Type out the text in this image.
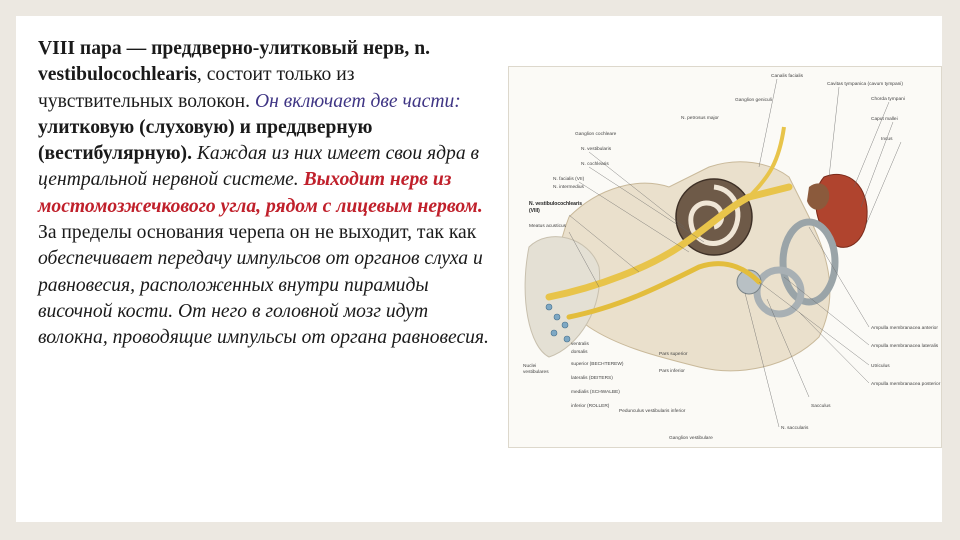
VIII пара — преддверно-улитковый нерв, n. vestibulocochlearis, состоит только из чувствительных волокон. Он включает две части: улитковую (слуховую) и преддверную (вестибулярную). Каждая из них имеет свои ядра в центральной нервной системе. Выходит нерв из мостомозжечкового угла, рядом с лицевым нервом. За пределы основания черепа он не выходит, так как обеспечивает передачу импульсов от органов слуха и равновесия, расположенных внутри пирамиды височной кости. От него в головной мозг идут волокна, проводящие импульсы от органа равновесия.
Canalis facialis
Cavitas tympanica (cavum tympani)
Chorda tympani
Caput mallei
Incus
Ganglion geniculi
N. petrosus major
Ganglion cochleare
N. vestibularis
N. cochlearis
N. facialis (VII)
N. intermedius
N. vestibulocochlearis
(VIII)
Meatus acusticus
Nuclei
vestibulares
ventralis
dorsalis
superior (BECHTEREW)
lateralis (DEITERS)
medialis (SCHWALBE)
inferior (ROLLER)
Pars superior
Pars inferior
Pedunculus vestibularis inferior
Ganglion vestibulare
Ampulla membranacea anterior
Ampulla membranacea lateralis
Utriculus
Ampulla membranacea posterior
Sacculus
N. saccularis
